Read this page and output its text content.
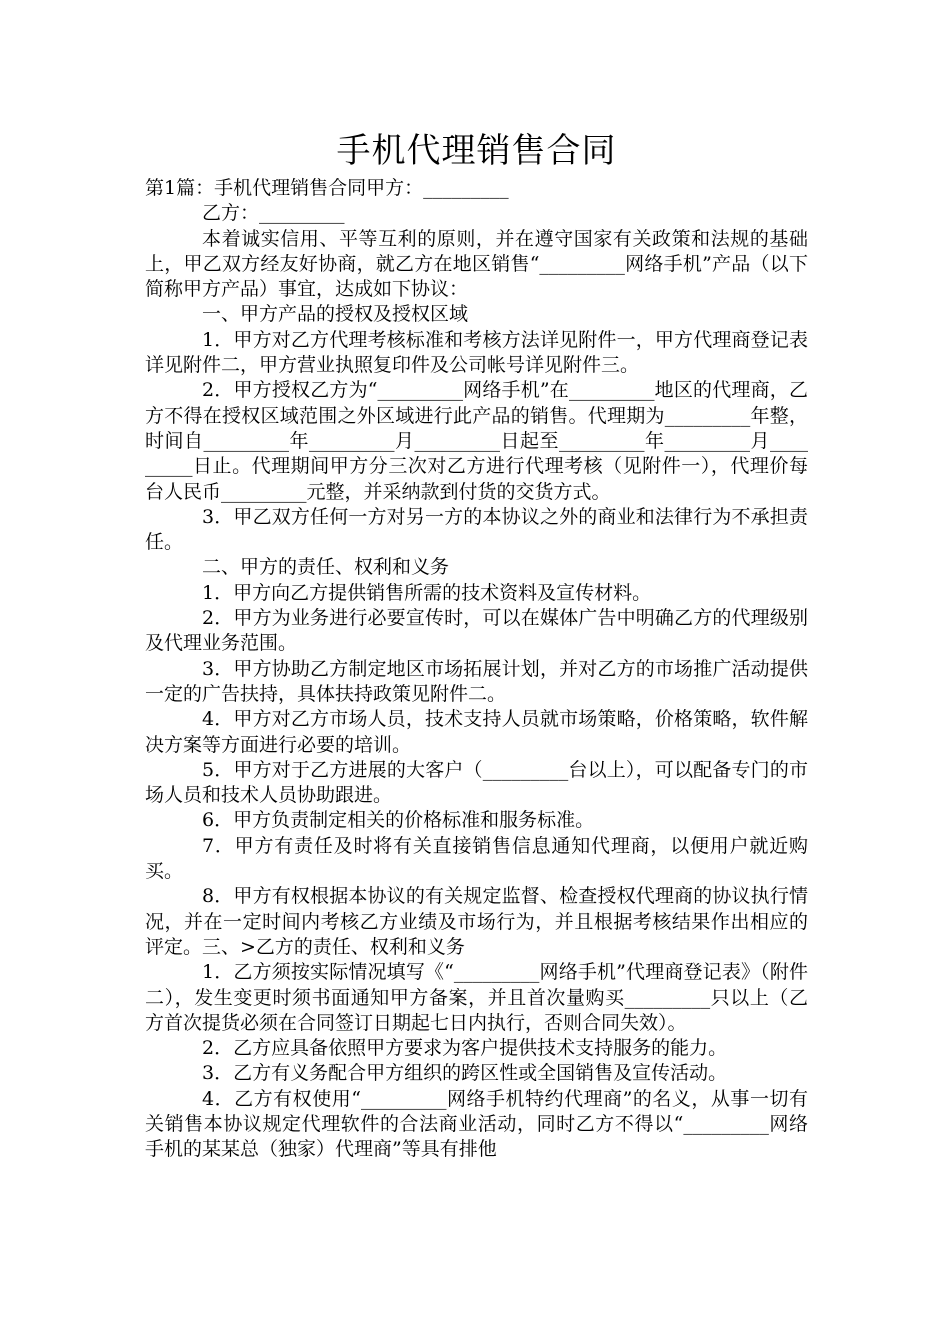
手机代理销售合同

第1篇：手机代理销售合同甲方：_________

乙方：_________

本着诚实信用、平等互利的原则，并在遵守国家有关政策和法规的基础上，甲乙双方经友好协商，就乙方在地区销售“_________网络手机”产品（以下简称甲方产品）事宜，达成如下协议：

一、甲方产品的授权及授权区域

1．甲方对乙方代理考核标准和考核方法详见附件一，甲方代理商登记表详见附件二，甲方营业执照复印件及公司帐号详见附件三。

2．甲方授权乙方为“_________网络手机”在_________地区的代理商，乙方不得在授权区域范围之外区域进行此产品的销售。代理期为_________年整，时间自_________年_________月_________日起至_________年_________月_________日止。代理期间甲方分三次对乙方进行代理考核（见附件一），代理价每台人民币_________元整，并采纳款到付货的交货方式。

3．甲乙双方任何一方对另一方的本协议之外的商业和法律行为不承担责任。

二、甲方的责任、权利和义务

1．甲方向乙方提供销售所需的技术资料及宣传材料。

2．甲方为业务进行必要宣传时，可以在媒体广告中明确乙方的代理级别及代理业务范围。

3．甲方协助乙方制定地区市场拓展计划，并对乙方的市场推广活动提供一定的广告扶持，具体扶持政策见附件二。

4．甲方对乙方市场人员，技术支持人员就市场策略，价格策略，软件解决方案等方面进行必要的培训。

5．甲方对于乙方进展的大客户（_________台以上），可以配备专门的市场人员和技术人员协助跟进。

6．甲方负责制定相关的价格标准和服务标准。

7．甲方有责任及时将有关直接销售信息通知代理商，以便用户就近购买。

8．甲方有权根据本协议的有关规定监督、检查授权代理商的协议执行情况，并在一定时间内考核乙方业绩及市场行为，并且根据考核结果作出相应的评定。三、>乙方的责任、权利和义务

1．乙方须按实际情况填写《“_________网络手机”代理商登记表》（附件二），发生变更时须书面通知甲方备案，并且首次量购买_________只以上（乙方首次提货必须在合同签订日期起七日内执行，否则合同失效）。

2．乙方应具备依照甲方要求为客户提供技术支持服务的能力。

3．乙方有义务配合甲方组织的跨区性或全国销售及宣传活动。

4．乙方有权使用“_________网络手机特约代理商”的名义，从事一切有关销售本协议规定代理软件的合法商业活动，同时乙方不得以“_________网络手机的某某总（独家）代理商”等具有排他
